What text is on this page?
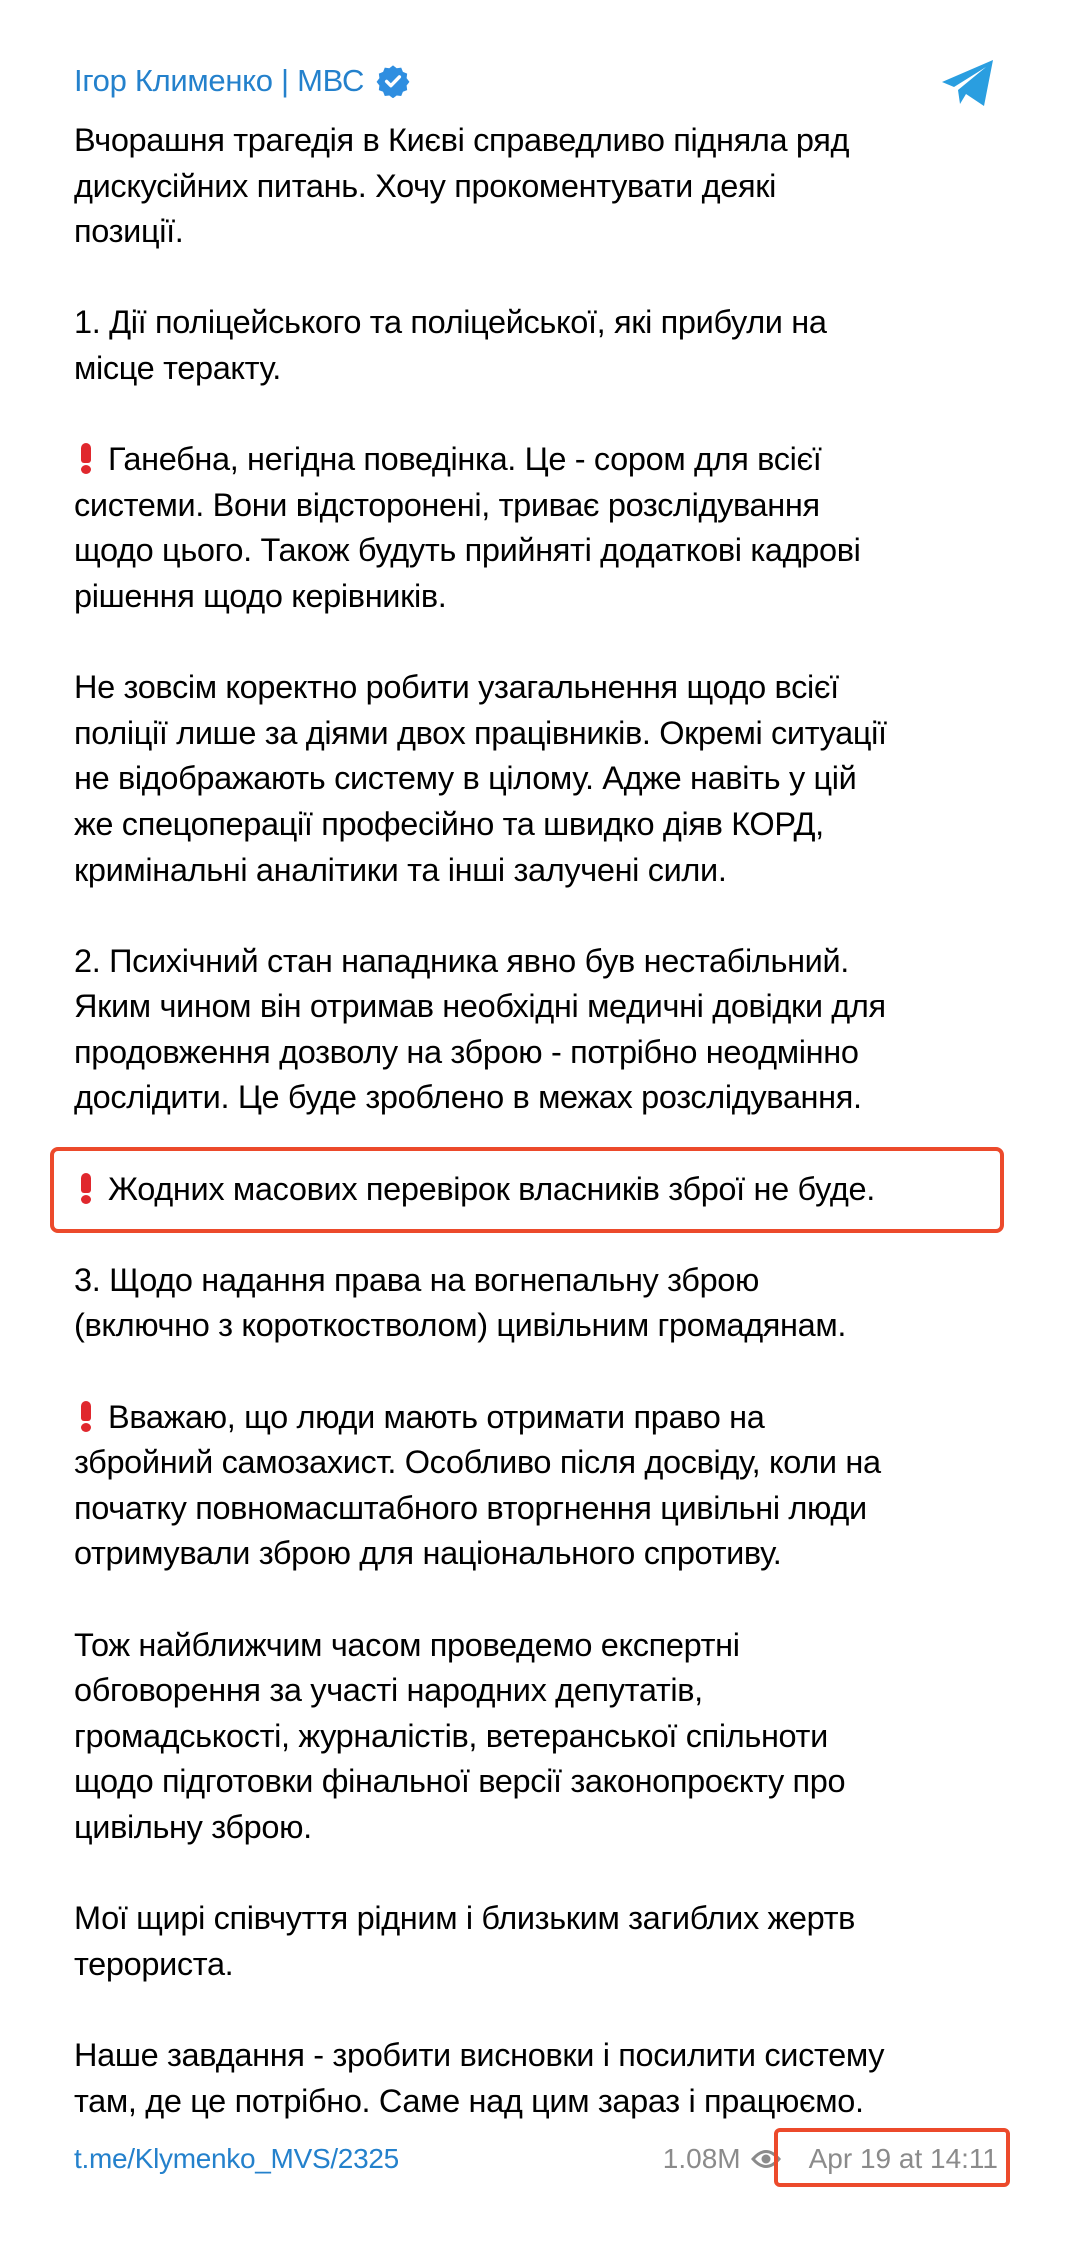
Ігор Клименко | МВС
Вчорашня трагедія в Києві справедливо підняла ряд
дискусійних питань. Хочу прокоментувати деякі
позиції.
1. Дії поліцейського та поліцейської, які прибули на
місце теракту.
Ганебна, негідна поведінка. Це - сором для всієї
системи. Вони відсторонені, триває розслідування
щодо цього. Також будуть прийняті додаткові кадрові
рішення щодо керівників.
Не зовсім коректно робити узагальнення щодо всієї
поліції лише за діями двох працівників. Окремі ситуації
не відображають систему в цілому. Адже навіть у цій
же спецоперації професійно та швидко діяв КОРД,
кримінальні аналітики та інші залучені сили.
2. Психічний стан нападника явно був нестабільний.
Яким чином він отримав необхідні медичні довідки для
продовження дозволу на зброю - потрібно неодмінно
дослідити. Це буде зроблено в межах розслідування.
Жодних масових перевірок власників зброї не буде.
3. Щодо надання права на вогнепальну зброю
(включно з короткостволом) цивільним громадянам.
Вважаю, що люди мають отримати право на
збройний самозахист. Особливо після досвіду, коли на
початку повномасштабного вторгнення цивільні люди
отримували зброю для національного спротиву.
Тож найближчим часом проведемо експертні
обговорення за участі народних депутатів,
громадськості, журналістів, ветеранської спільноти
щодо підготовки фінальної версії законопроєкту про
цивільну зброю.
Мої щирі співчуття рідним і близьким загиблих жертв
терориста.
Наше завдання - зробити висновки і посилити систему
там, де це потрібно. Саме над цим зараз і працюємо.
t.me/Klymenko_MVS/2325	1.08M Apr 19 at 14:11
